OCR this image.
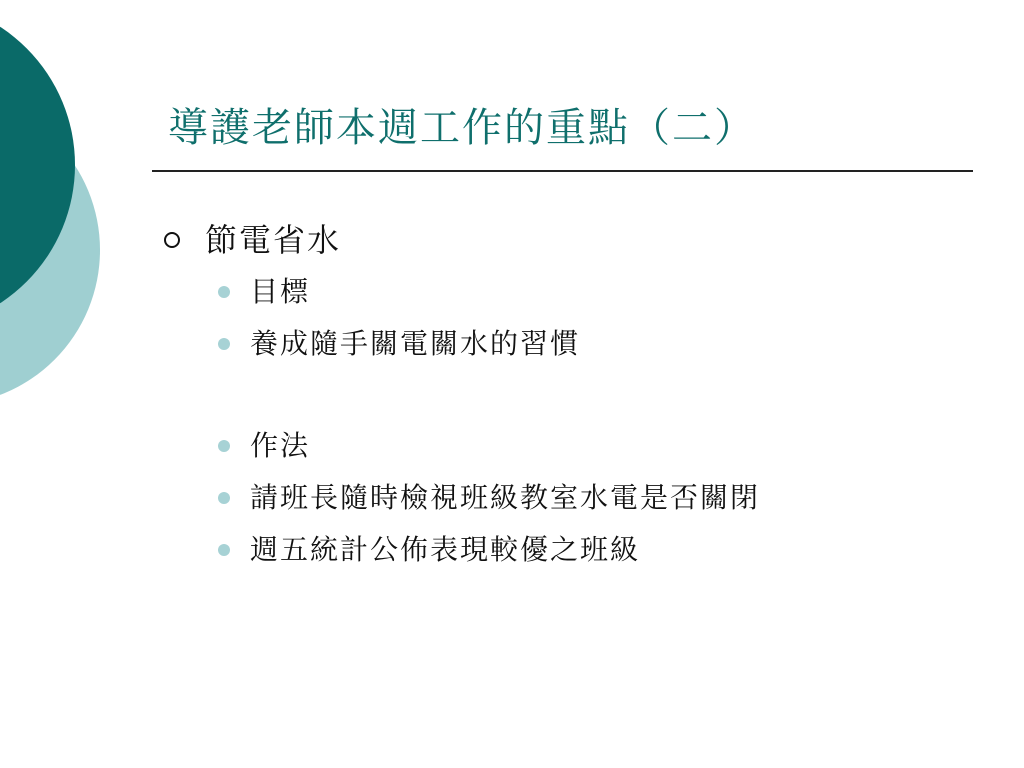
導護老師本週工作的重點（二）
節電省水
目標
養成隨手關電關水的習慣
作法
請班長隨時檢視班級教室水電是否關閉
週五統計公佈表現較優之班級
